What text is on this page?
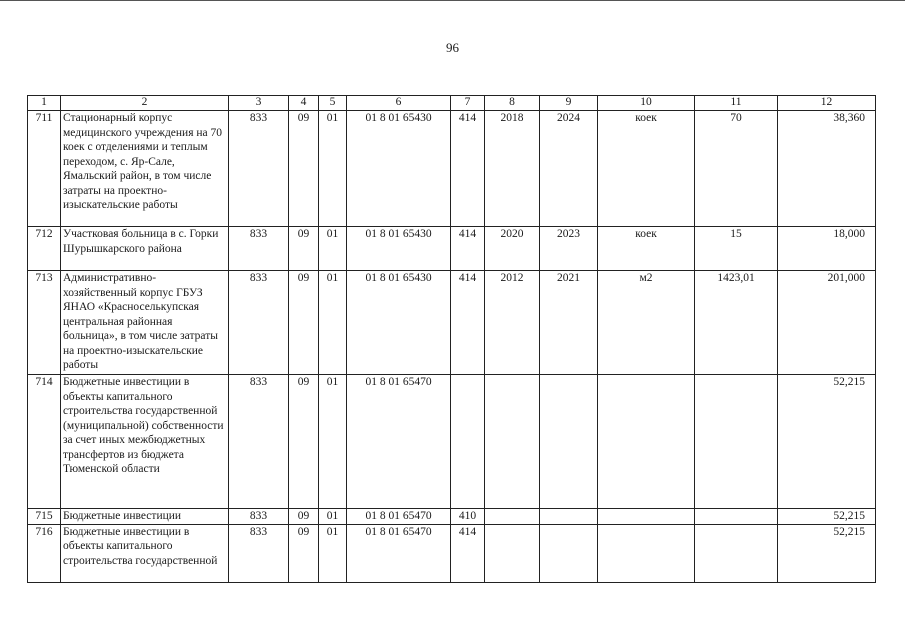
96
1	2	3	4	5	6	7	8	9	10	11	12
711	Стационарный корпус медицинского учреждения на 70 коек с отделениями и теплым переходом, с. Яр-Сале, Ямальский район, в том числе затраты на проектно-изыскательские работы	833	09	01	01 8 01 65430	414	2018	2024	коек	70	38,360
712	Участковая больница в с. Горки Шурышкарского района	833	09	01	01 8 01 65430	414	2020	2023	коек	15	18,000
713	Административно-хозяйственный корпус ГБУЗ ЯНАО «Красноселькупская центральная районная больница», в том числе затраты на проектно-изыскательские работы	833	09	01	01 8 01 65430	414	2012	2021	м2	1423,01	201,000
714	Бюджетные инвестиции в объекты капитального строительства государственной (муниципальной) собственности за счет иных межбюджетных трансфертов из бюджета Тюменской области	833	09	01	01 8 01 65470						52,215
715	Бюджетные инвестиции	833	09	01	01 8 01 65470	410					52,215
716	Бюджетные инвестиции в объекты капитального строительства государственной	833	09	01	01 8 01 65470	414					52,215
